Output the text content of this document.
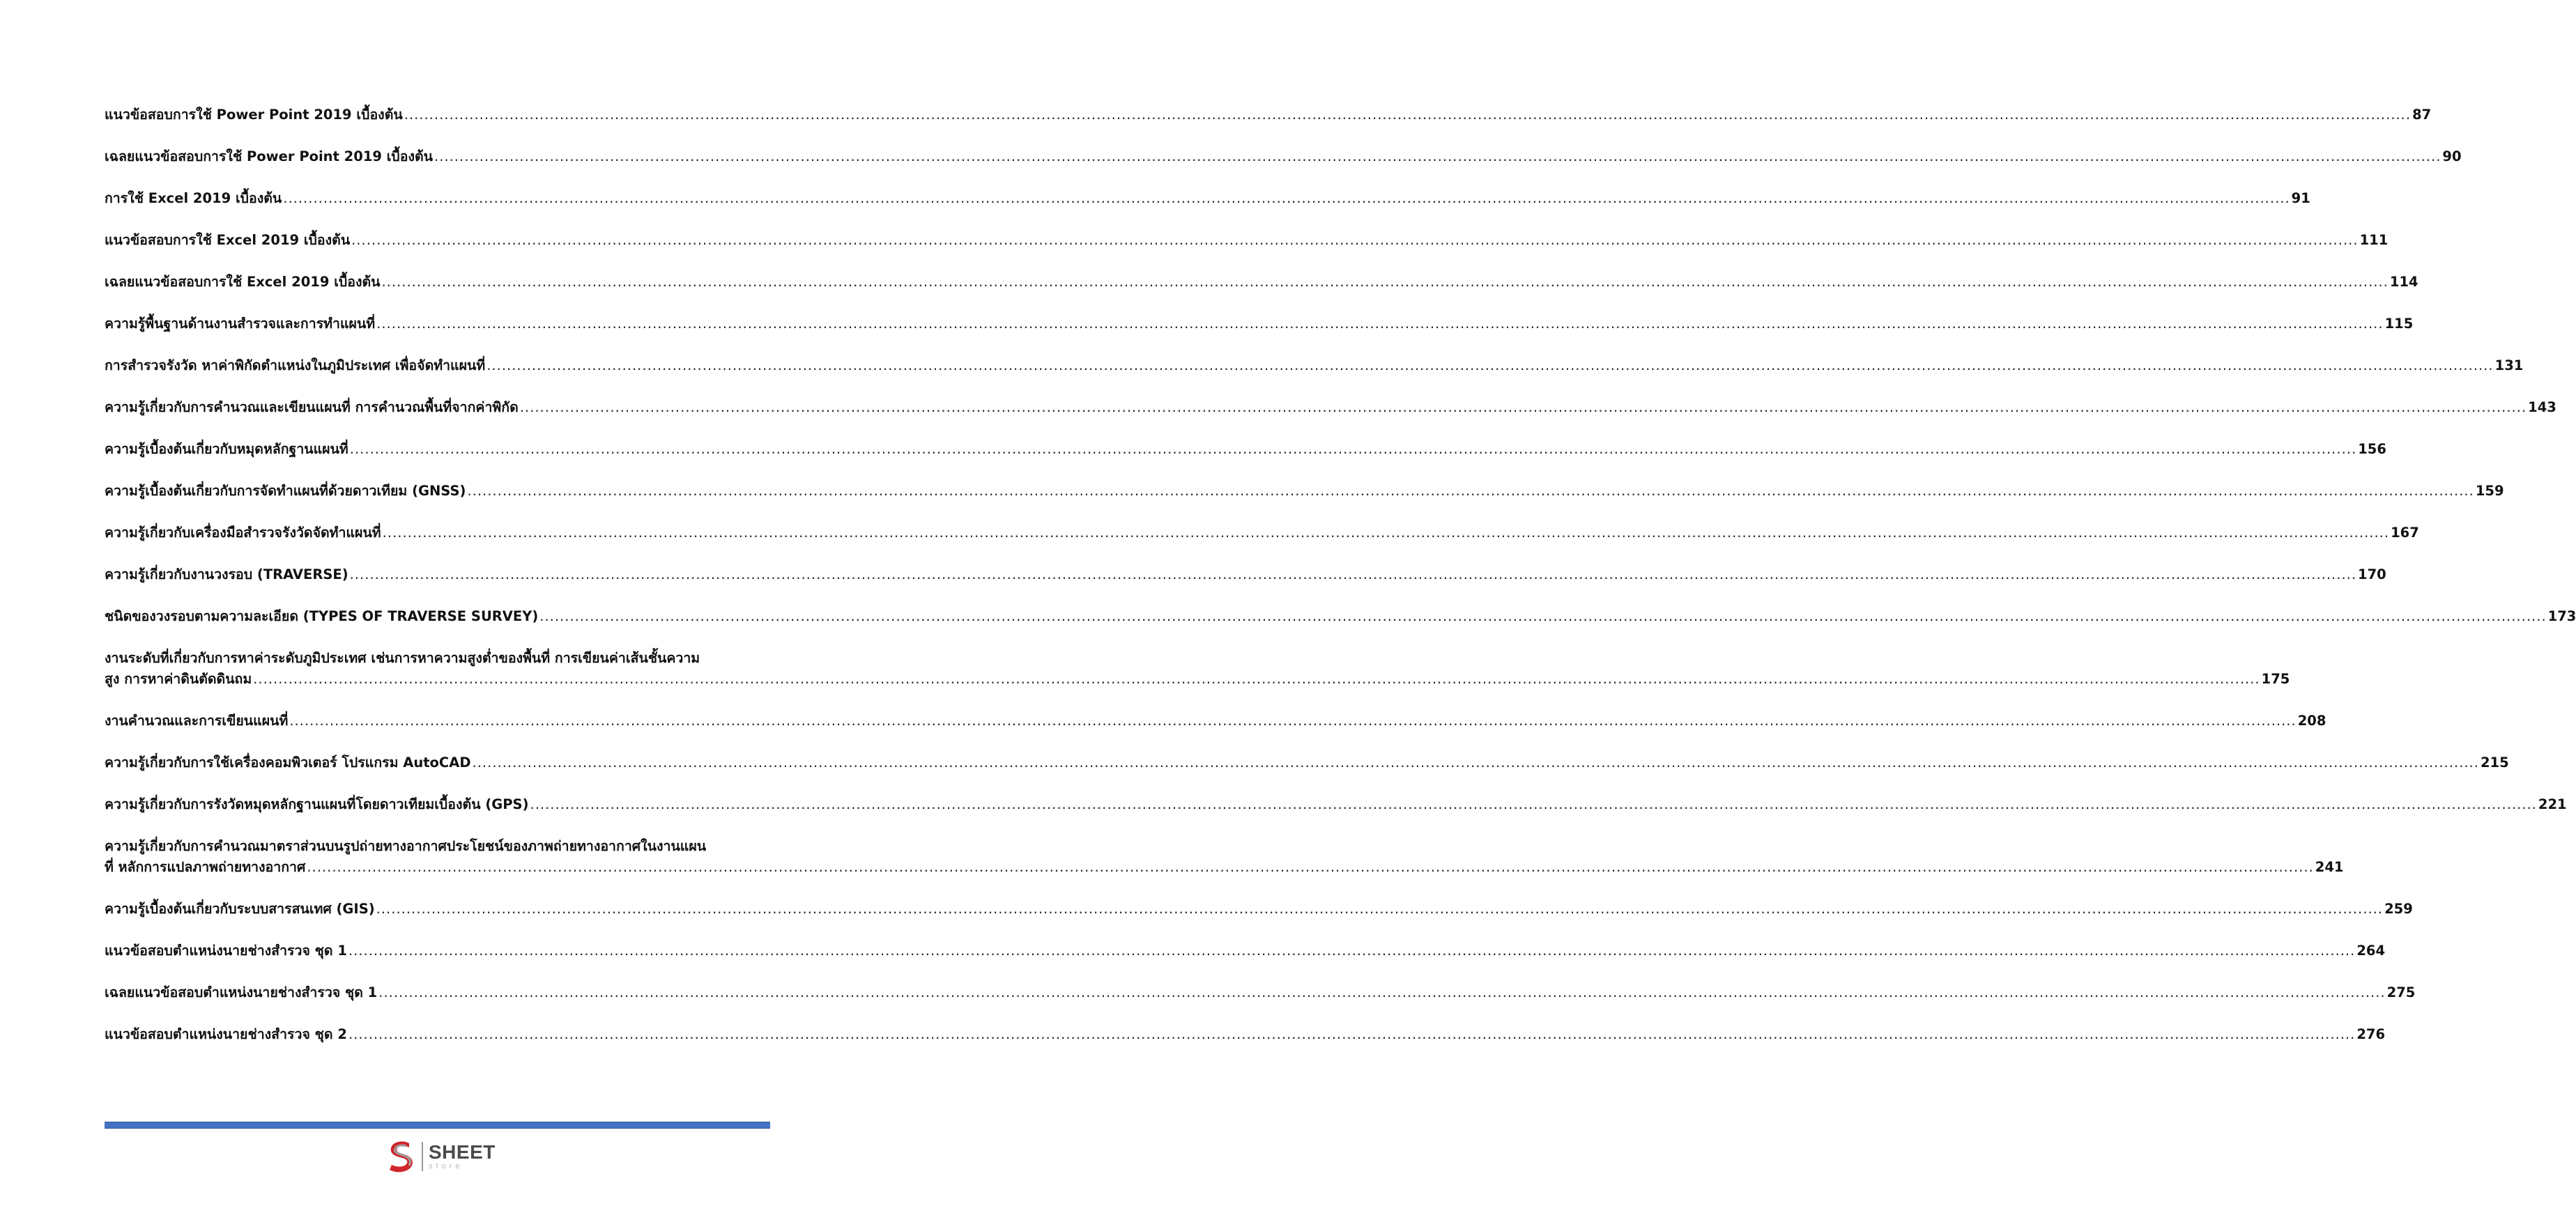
แนวข้อสอบการใช้ Power Point 2019 เบื้องต้น ................................................................................................................................................................................................................................................................................................................................................................................................................ 87
เฉลยแนวข้อสอบการใช้ Power Point 2019 เบื้องต้น ................................................................................................................................................................................................................................................................................................................................................................................................................ 90
การใช้ Excel 2019 เบื้องต้น ................................................................................................................................................................................................................................................................................................................................................................................................................ 91
แนวข้อสอบการใช้ Excel 2019 เบื้องต้น ................................................................................................................................................................................................................................................................................................................................................................................................................ 111
เฉลยแนวข้อสอบการใช้ Excel 2019 เบื้องต้น ................................................................................................................................................................................................................................................................................................................................................................................................................ 114
ความรู้พื้นฐานด้านงานสำรวจและการทำแผนที่ ................................................................................................................................................................................................................................................................................................................................................................................................................ 115
การสำรวจรังวัด หาค่าพิกัดตำแหน่งในภูมิประเทศ เพื่อจัดทำแผนที่ ................................................................................................................................................................................................................................................................................................................................................................................................................ 131
ความรู้เกี่ยวกับการคำนวณและเขียนแผนที่ การคำนวณพื้นที่จากค่าพิกัด ................................................................................................................................................................................................................................................................................................................................................................................................................ 143
ความรู้เบื้องต้นเกี่ยวกับหมุดหลักฐานแผนที่ ................................................................................................................................................................................................................................................................................................................................................................................................................ 156
ความรู้เบื้องต้นเกี่ยวกับการจัดทำแผนที่ด้วยดาวเทียม (GNSS) ................................................................................................................................................................................................................................................................................................................................................................................................................ 159
ความรู้เกี่ยวกับเครื่องมือสำรวจรังวัดจัดทำแผนที่ ................................................................................................................................................................................................................................................................................................................................................................................................................ 167
ความรู้เกี่ยวกับงานวงรอบ (TRAVERSE) ................................................................................................................................................................................................................................................................................................................................................................................................................ 170
ชนิดของวงรอบตามความละเอียด (TYPES OF TRAVERSE SURVEY) ................................................................................................................................................................................................................................................................................................................................................................................................................ 173
งานระดับที่เกี่ยวกับการหาค่าระดับภูมิประเทศ เช่นการหาความสูงต่ำของพื้นที่ การเขียนค่าเส้นชั้นความ
สูง การหาค่าดินตัดดินถม ................................................................................................................................................................................................................................................................................................................................................................................................................ 175
งานคำนวณและการเขียนแผนที่ ................................................................................................................................................................................................................................................................................................................................................................................................................ 208
ความรู้เกี่ยวกับการใช้เครื่องคอมพิวเตอร์ โปรแกรม AutoCAD ................................................................................................................................................................................................................................................................................................................................................................................................................ 215
ความรู้เกี่ยวกับการรังวัดหมุดหลักฐานแผนที่โดยดาวเทียมเบื้องต้น (GPS) ................................................................................................................................................................................................................................................................................................................................................................................................................ 221
ความรู้เกี่ยวกับการคำนวณมาตราส่วนบนรูปถ่ายทางอากาศประโยชน์ของภาพถ่ายทางอากาศในงานแผน
ที่ หลักการแปลภาพถ่ายทางอากาศ ................................................................................................................................................................................................................................................................................................................................................................................................................ 241
ความรู้เบื้องต้นเกี่ยวกับระบบสารสนเทศ (GIS) ................................................................................................................................................................................................................................................................................................................................................................................................................ 259
แนวข้อสอบตำแหน่งนายช่างสำรวจ ชุด 1 ................................................................................................................................................................................................................................................................................................................................................................................................................ 264
เฉลยแนวข้อสอบตำแหน่งนายช่างสำรวจ ชุด 1 ................................................................................................................................................................................................................................................................................................................................................................................................................ 275
แนวข้อสอบตำแหน่งนายช่างสำรวจ ชุด 2 ................................................................................................................................................................................................................................................................................................................................................................................................................ 276
SHEET
store
